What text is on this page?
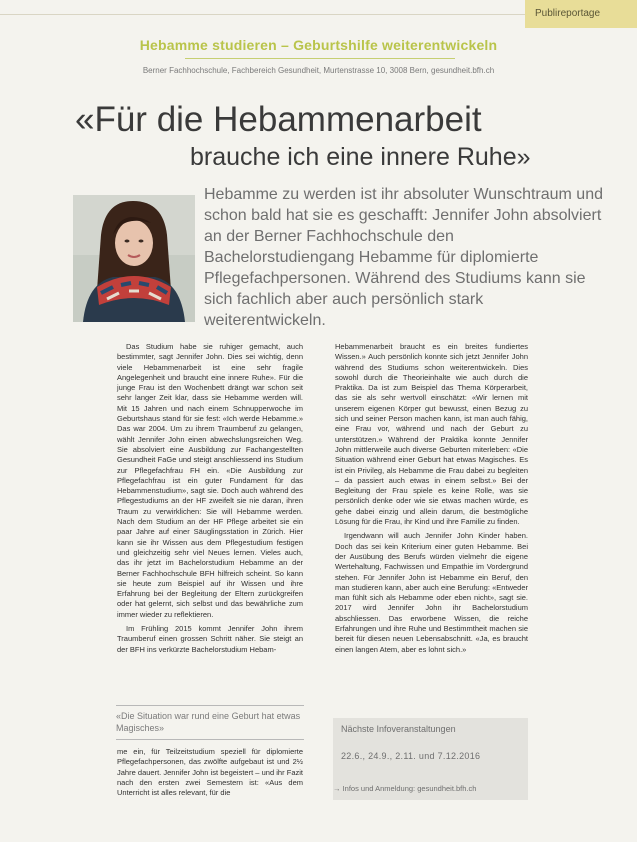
Publireportage
Hebamme studieren – Geburtshilfe weiterentwickeln
Berner Fachhochschule, Fachbereich Gesundheit, Murtenstrasse 10, 3008 Bern, gesundheit.bfh.ch
«Für die Hebammenarbeit
brauche ich eine innere Ruhe»
Hebamme zu werden ist ihr absoluter Wunschtraum und schon bald hat sie es geschafft: Jennifer John absolviert an der Berner Fachhochschule den Bachelorstudiengang Hebamme für diplomierte Pflegefachpersonen. Während des Studiums kann sie sich fachlich aber auch persönlich stark weiterentwickeln.

Das Studium habe sie ruhiger gemacht, auch bestimmter, sagt Jennifer John. Dies sei wichtig, denn viele Hebammenarbeit ist eine sehr fragile Angelegenheit und braucht eine innere Ruhe». Für die junge Frau ist den Wochenbett drängt war schon seit sehr langer Zeit klar, dass sie Hebamme werden will. Mit 15 Jahren und nach einem Schnupperwoche im Geburtshaus stand für sie fest: «Ich werde Hebamme.» Das war 2004. Um zu ihrem Traumberuf zu gelangen, wählt Jennifer John einen abwechslungsreichen Weg. Sie absolviert eine Ausbildung zur Fachangestellten Gesundheit FaGe und steigt anschliessend ins Studium zur Pflegefachfrau FH ein. «Die Ausbildung zur Pflegefachfrau ist ein guter Fundament für das Hebammenstudium», sagt sie. Doch auch während des Pflegestudiums an der HF zweifelt sie nie daran, ihren Traum zu verwirklichen: Sie will Hebamme werden. Nach dem Studium an der HF Pflege arbeitet sie ein paar Jahre auf einer Säuglingsstation in Zürich. Hier kann sie ihr Wissen aus dem Pflegestudium festigen und gleichzeitig sehr viel Neues lernen. Vieles auch, das ihr jetzt im Bachelorstudium Hebamme an der Berner Fachhochschule BFH hilfreich scheint. So kann sie heute zum Beispiel auf ihr Wissen und ihre Erfahrung bei der Begleitung der Eltern zurückgreifen oder hat gelernt, sich selbst und das bewährliche zum immer wieder zu reflektieren.

Im Frühling 2015 kommt Jennifer John ihrem Traumberuf einen grossen Schritt näher. Sie steigt an der BFH ins verkürzte Bachelorstudium Hebam-

«Die Situation war rund eine Geburt hat etwas Magisches»

me ein, für Teilzeitstudium speziell für diplomierte Pflegefachpersonen, das zwölfte aufgebaut ist und 2½ Jahre dauert. Jennifer John ist begeistert – und ihr Fazit nach den ersten zwei Semestern ist: «Aus dem Unterricht ist alles relevant, für die

Hebammenarbeit braucht es ein breites fundiertes Wissen.» Auch persönlich konnte sich jetzt Jennifer John während des Studiums schon weiterentwickeln. Dies sowohl durch die Theorieinhalte wie auch durch die Praktika. Da ist zum Beispiel das Thema Körperarbeit, das sie als sehr wertvoll einschätzt: «Wir lernen mit unserem eigenen Körper gut bewusst, einen Bezug zu sich und seiner Person machen kann, ist man auch fähig, eine Frau vor, während und nach der Geburt zu unterstützen.» Während der Praktika konnte Jennifer John mittlerweile auch diverse Geburten miterleben: «Die Situation während einer Geburt hat etwas Magisches. Es ist ein Privileg, als Hebamme die Frau dabei zu begleiten – da passiert auch etwas in einem selbst.» Bei der Begleitung der Frau spiele es keine Rolle, was sie persönlich denke oder wie sie etwas machen würde, es gehe dabei einzig und allein darum, die bestmögliche Lösung für die Frau, ihr Kind und ihre Familie zu finden.

Irgendwann will auch Jennifer John Kinder haben. Doch das sei kein Kriterium einer guten Hebamme. Bei der Ausübung des Berufs würden vielmehr die eigene Wertehaltung, Fachwissen und Empathie im Vordergrund stehen. Für Jennifer John ist Hebamme ein Beruf, den man studieren kann, aber auch eine Berufung: «Entweder man fühlt sich als Hebamme oder eben nicht», sagt sie. 2017 wird Jennifer John ihr Bachelorstudium abschliessen. Das erworbene Wissen, die reiche Erfahrungen und ihre Ruhe und Bestimmtheit machen sie bereit für diesen neuen Lebensabschnitt. «Ja, es braucht einen langen Atem, aber es lohnt sich.»

Nächste Infoveranstaltungen
22.6., 24.9., 2.11. und 7.12.2016
→ Infos und Anmeldung: gesundheit.bfh.ch
